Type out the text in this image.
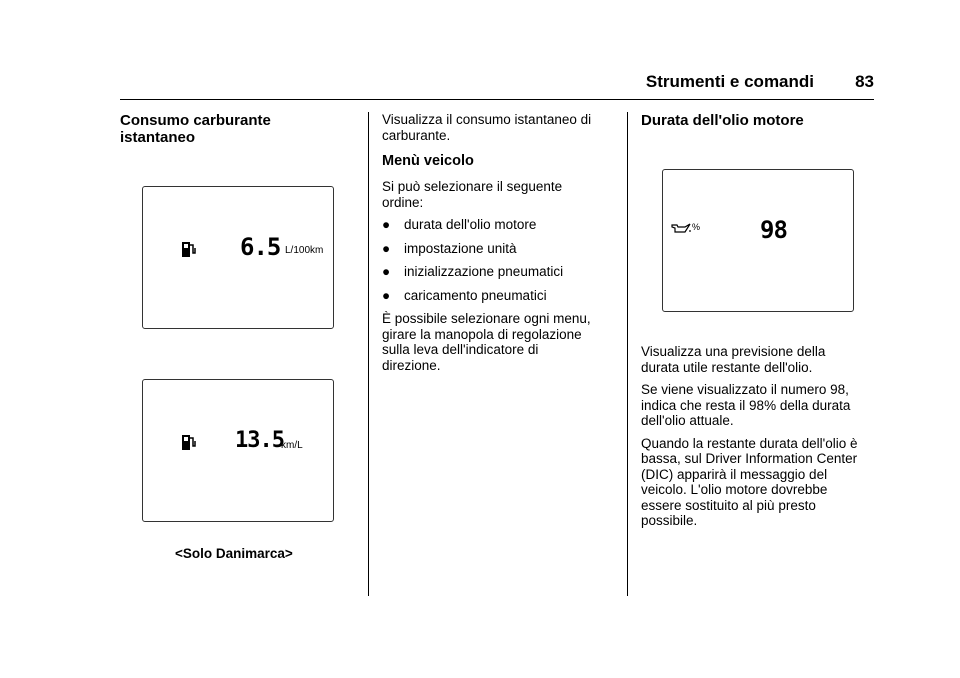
Strumenti e comandi 83
Consumo carburante
istantaneo
6.5 L/100km
13.5
km/L
<Solo Danimarca>

Visualizza il consumo istantaneo di
carburante.

Menù veicolo

Si può selezionare il seguente
ordine:

● durata dell'olio motore

● impostazione unità

● inizializzazione pneumatici

● caricamento pneumatici

È possibile selezionare ogni menu,
girare la manopola di regolazione
sulla leva dell'indicatore di
direzione.

Durata dell'olio motore
% 98

Visualizza una previsione della
durata utile restante dell'olio.

Se viene visualizzato il numero 98,
indica che resta il 98% della durata
dell'olio attuale.

Quando la restante durata dell'olio è
bassa, sul Driver Information Center
(DIC) apparirà il messaggio del
veicolo. L'olio motore dovrebbe
essere sostituito al più presto
possibile.
